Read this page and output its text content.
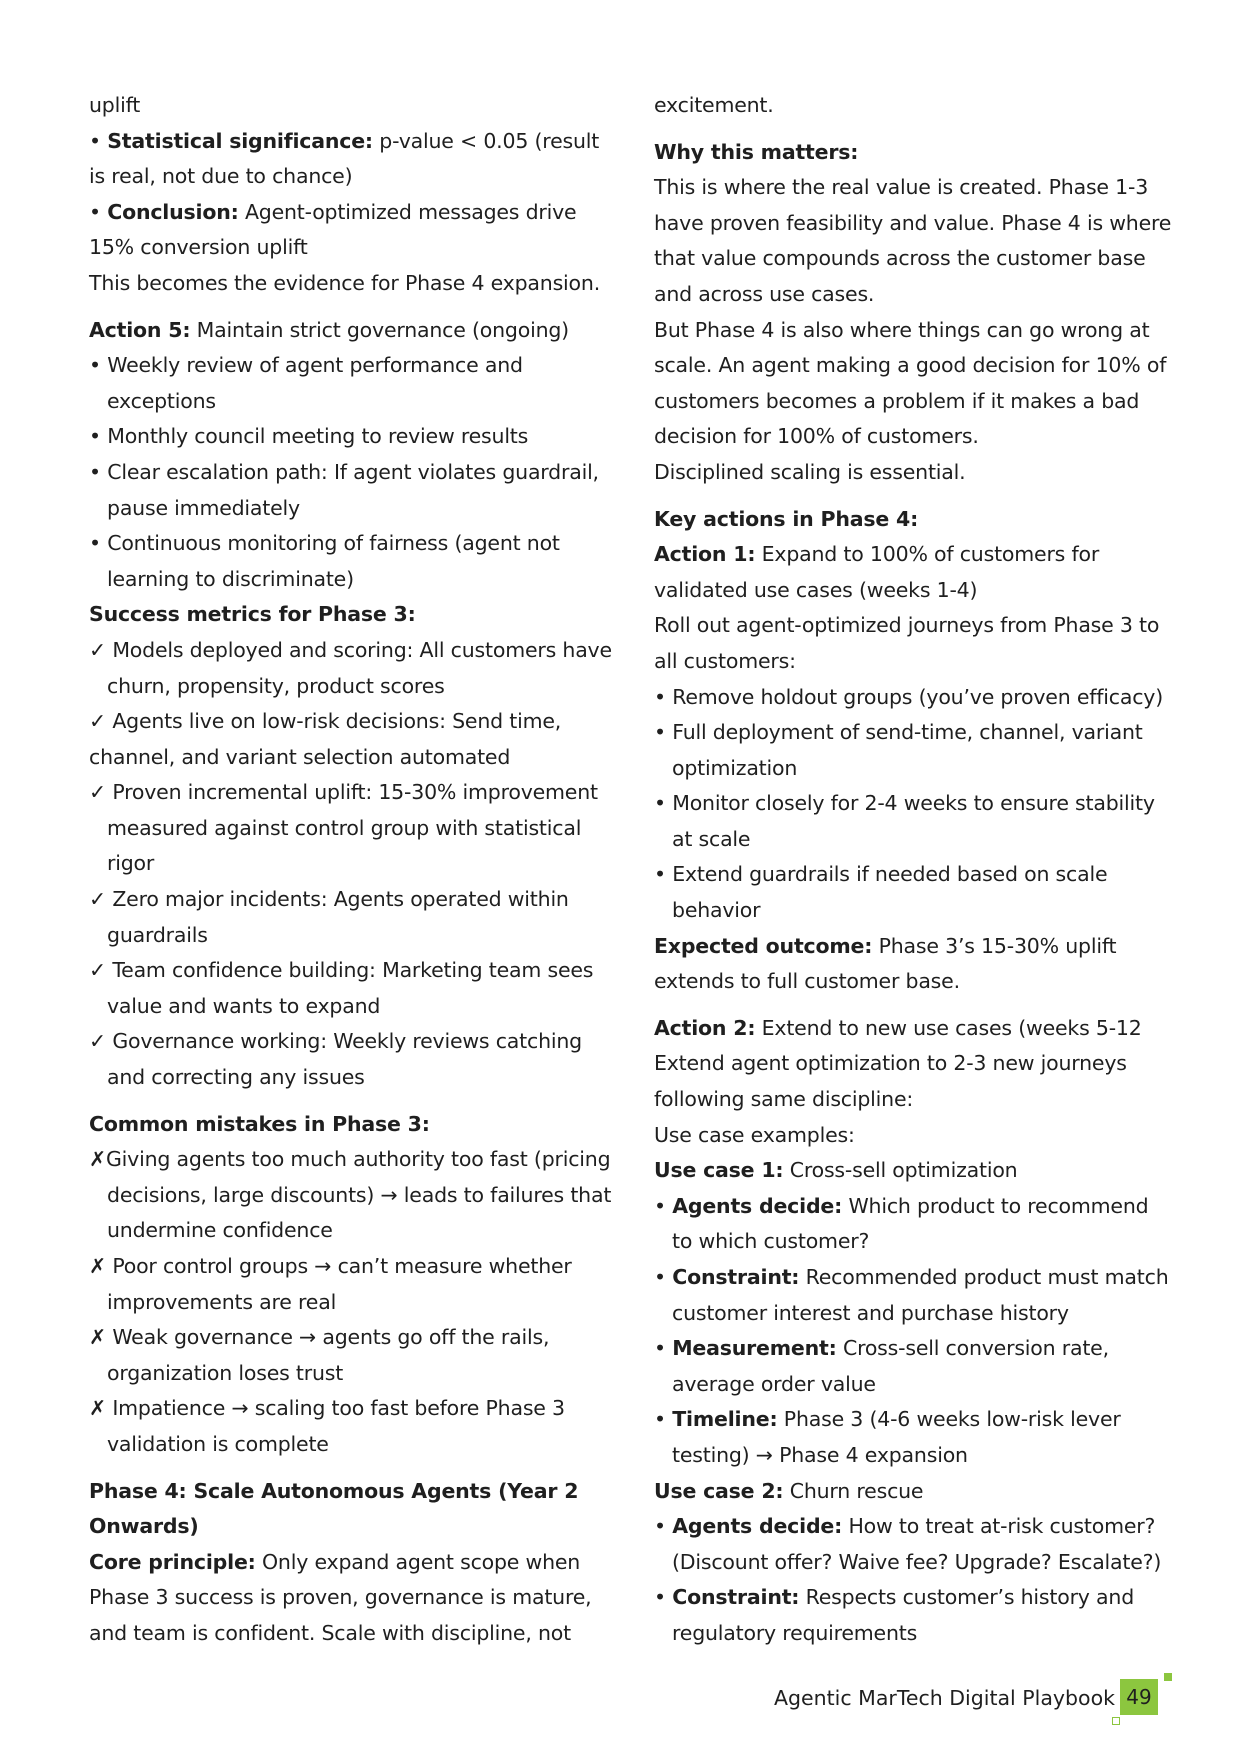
uplift

• Statistical significance: p-value < 0.05 (result is real, not due to chance)

• Conclusion: Agent-optimized messages drive 15% conversion uplift

This becomes the evidence for Phase 4 expansion.

Action 5: Maintain strict governance (ongoing)

• Weekly review of agent performance and exceptions

• Monthly council meeting to review results

• Clear escalation path: If agent violates guardrail, pause immediately

• Continuous monitoring of fairness (agent not learning to discriminate)

Success metrics for Phase 3:

✓ Models deployed and scoring: All customers have churn, propensity, product scores

✓ Agents live on low-risk decisions: Send time, channel, and variant selection automated

✓ Proven incremental uplift: 15-30% improvement measured against control group with statistical rigor

✓ Zero major incidents: Agents operated within guardrails

✓ Team confidence building: Marketing team sees value and wants to expand

✓ Governance working: Weekly reviews catching and correcting any issues

Common mistakes in Phase 3:

✗Giving agents too much authority too fast (pricing decisions, large discounts) → leads to failures that undermine confidence

✗ Poor control groups → can’t measure whether improvements are real

✗ Weak governance → agents go off the rails, organization loses trust

✗ Impatience → scaling too fast before Phase 3 validation is complete

Phase 4: Scale Autonomous Agents (Year 2 Onwards)

Core principle: Only expand agent scope when Phase 3 success is proven, governance is mature, and team is confident. Scale with discipline, not

excitement.

Why this matters:

This is where the real value is created. Phase 1-3 have proven feasibility and value. Phase 4 is where that value compounds across the customer base and across use cases.

But Phase 4 is also where things can go wrong at scale. An agent making a good decision for 10% of customers becomes a problem if it makes a bad decision for 100% of customers.

Disciplined scaling is essential.

Key actions in Phase 4:

Action 1: Expand to 100% of customers for validated use cases (weeks 1-4)

Roll out agent-optimized journeys from Phase 3 to all customers:

• Remove holdout groups (you’ve proven efficacy)

• Full deployment of send-time, channel, variant optimization

• Monitor closely for 2-4 weeks to ensure stability at scale

• Extend guardrails if needed based on scale behavior

Expected outcome: Phase 3’s 15-30% uplift extends to full customer base.

Action 2: Extend to new use cases (weeks 5-12

Extend agent optimization to 2-3 new journeys following same discipline:

Use case examples:

Use case 1: Cross-sell optimization

• Agents decide: Which product to recommend to which customer?

• Constraint: Recommended product must match customer interest and purchase history

• Measurement: Cross-sell conversion rate, average order value

• Timeline: Phase 3 (4-6 weeks low-risk lever testing) → Phase 4 expansion

Use case 2: Churn rescue

• Agents decide: How to treat at-risk customer? (Discount offer? Waive fee? Upgrade? Escalate?)

• Constraint: Respects customer’s history and regulatory requirements

Agentic MarTech Digital Playbook 49
